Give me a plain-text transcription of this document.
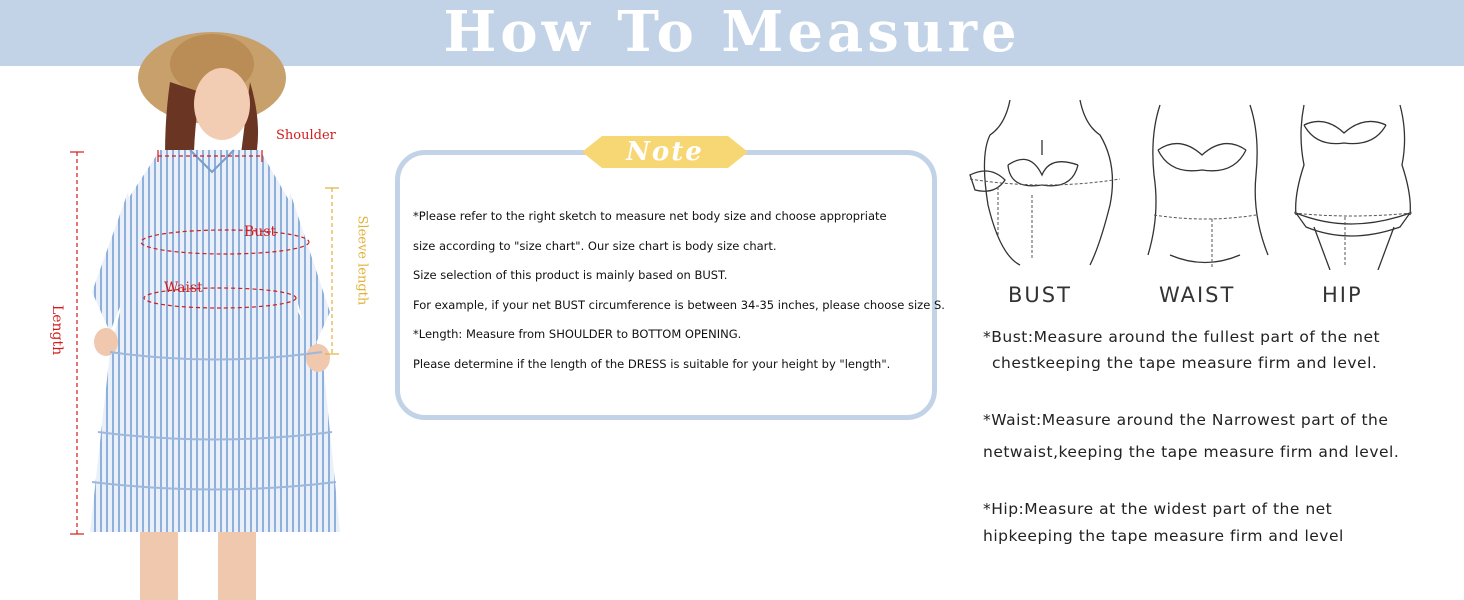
How To Measure
Shoulder
Bust
Waist
Length
Sleeve length
Note
*Please refer to the right sketch to measure net body size and choose appropriate
size according to "size chart". Our size chart is body size chart.
Size selection of this product is mainly based on BUST.
For example, if your net BUST circumference is between 34-35 inches, please choose size S.
*Length: Measure from SHOULDER to BOTTOM OPENING.
Please determine if the length of the DRESS is suitable for your height by "length".
BUST	WAIST	HIP
*Bust:Measure around the fullest part of the net
chestkeeping the tape measure firm and level.
*Waist:Measure around the Narrowest part of the
netwaist,keeping the tape measure firm and level.
*Hip:Measure at the widest part of the net
hipkeeping the tape measure firm and level
